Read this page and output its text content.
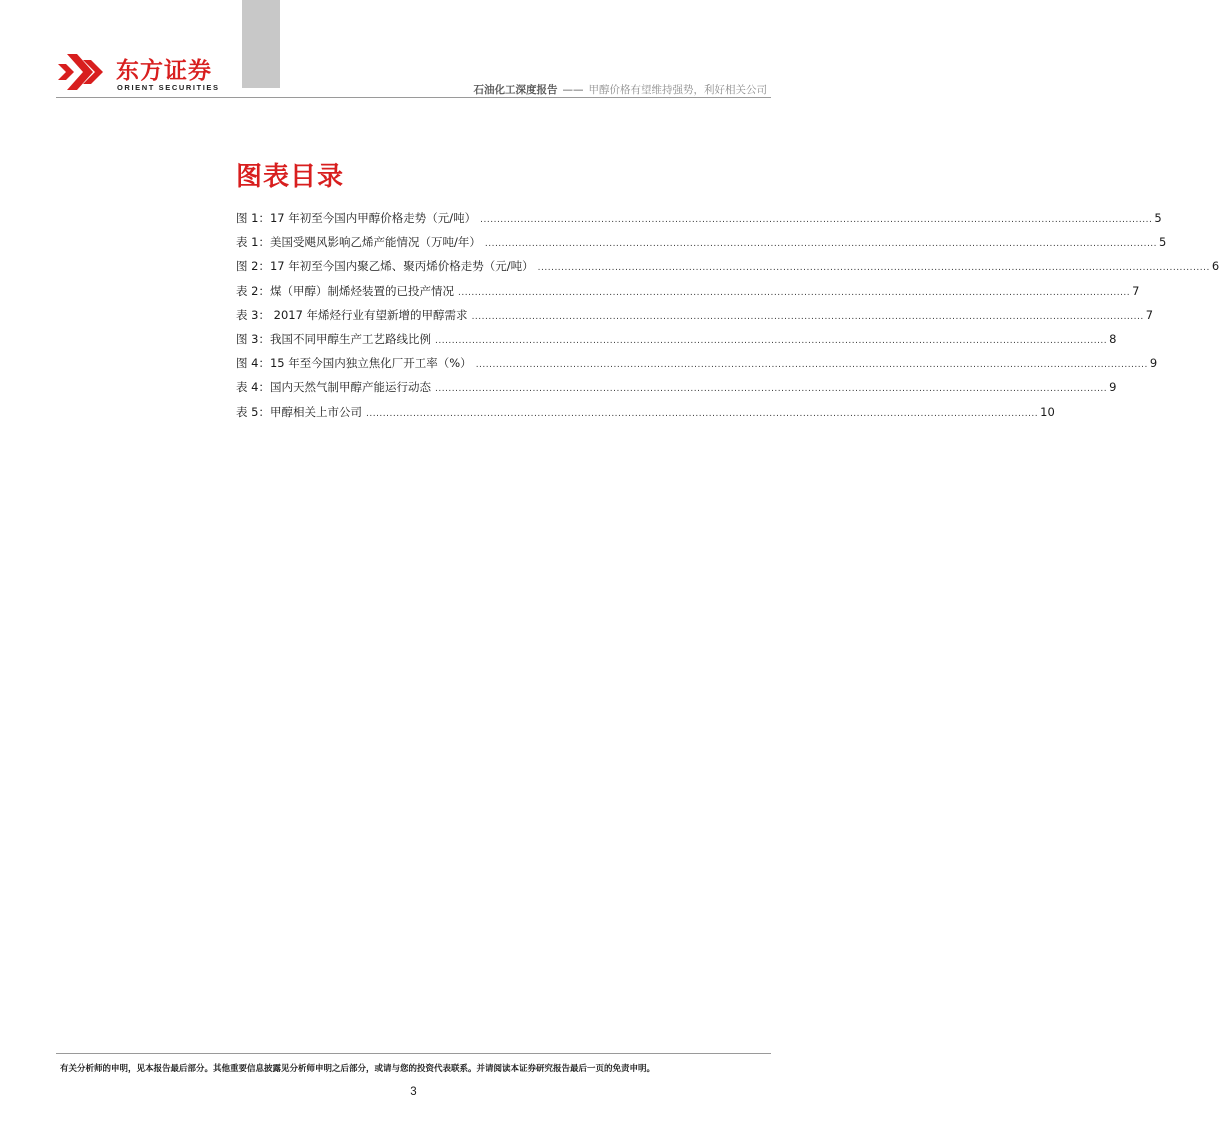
东方证券
ORIENT SECURITIES	石油化工深度报告 —— 甲醇价格有望维持强势，利好相关公司
图表目录
图 1：17 年初至今国内甲醇价格走势（元/吨） ........................................................................................................................................................................................................ 5
表 1：美国受飓风影响乙烯产能情况（万吨/年） ........................................................................................................................................................................................................ 5
图 2：17 年初至今国内聚乙烯、聚丙烯价格走势（元/吨） ........................................................................................................................................................................................................ 6
表 2：煤（甲醇）制烯烃装置的已投产情况 ........................................................................................................................................................................................................ 7
表 3： 2017 年烯烃行业有望新增的甲醇需求 ........................................................................................................................................................................................................ 7
图 3：我国不同甲醇生产工艺路线比例 ........................................................................................................................................................................................................ 8
图 4：15 年至今国内独立焦化厂开工率（%） ........................................................................................................................................................................................................ 9
表 4：国内天然气制甲醇产能运行动态 ........................................................................................................................................................................................................ 9
表 5：甲醇相关上市公司 ........................................................................................................................................................................................................ 10
有关分析师的申明，见本报告最后部分。其他重要信息披露见分析师申明之后部分，或请与您的投资代表联系。并请阅读本证券研究报告最后一页的免责申明。
3
